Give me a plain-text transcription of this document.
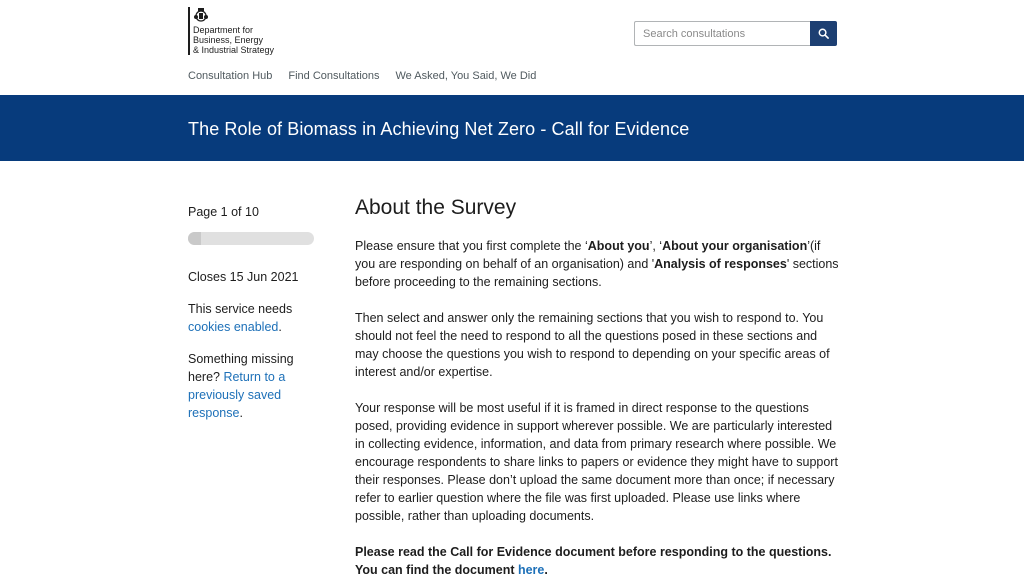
Department for
Business, Energy
& Industrial Strategy
Search consultations
Consultation Hub Find Consultations We Asked, You Said, We Did
The Role of Biomass in Achieving Net Zero - Call for Evidence
Page 1 of 10
Closes 15 Jun 2021
This service needs cookies enabled.
Something missing here? Return to a previously saved response.
About the Survey

Please ensure that you first complete the ‘About you’, ‘About your organisation’(if you are responding on behalf of an organisation) and 'Analysis of responses' sections before proceeding to the remaining sections.

Then select and answer only the remaining sections that you wish to respond to. You should not feel the need to respond to all the questions posed in these sections and may choose the questions you wish to respond to depending on your specific areas of interest and/or expertise.

Your response will be most useful if it is framed in direct response to the questions posed, providing evidence in support wherever possible. We are particularly interested in collecting evidence, information, and data from primary research where possible. We encourage respondents to share links to papers or evidence they might have to support their responses. Please don’t upload the same document more than once; if necessary refer to earlier question where the file was first uploaded. Please use links where possible, rather than uploading documents.

Please read the Call for Evidence document before responding to the questions. You can find the document here.
